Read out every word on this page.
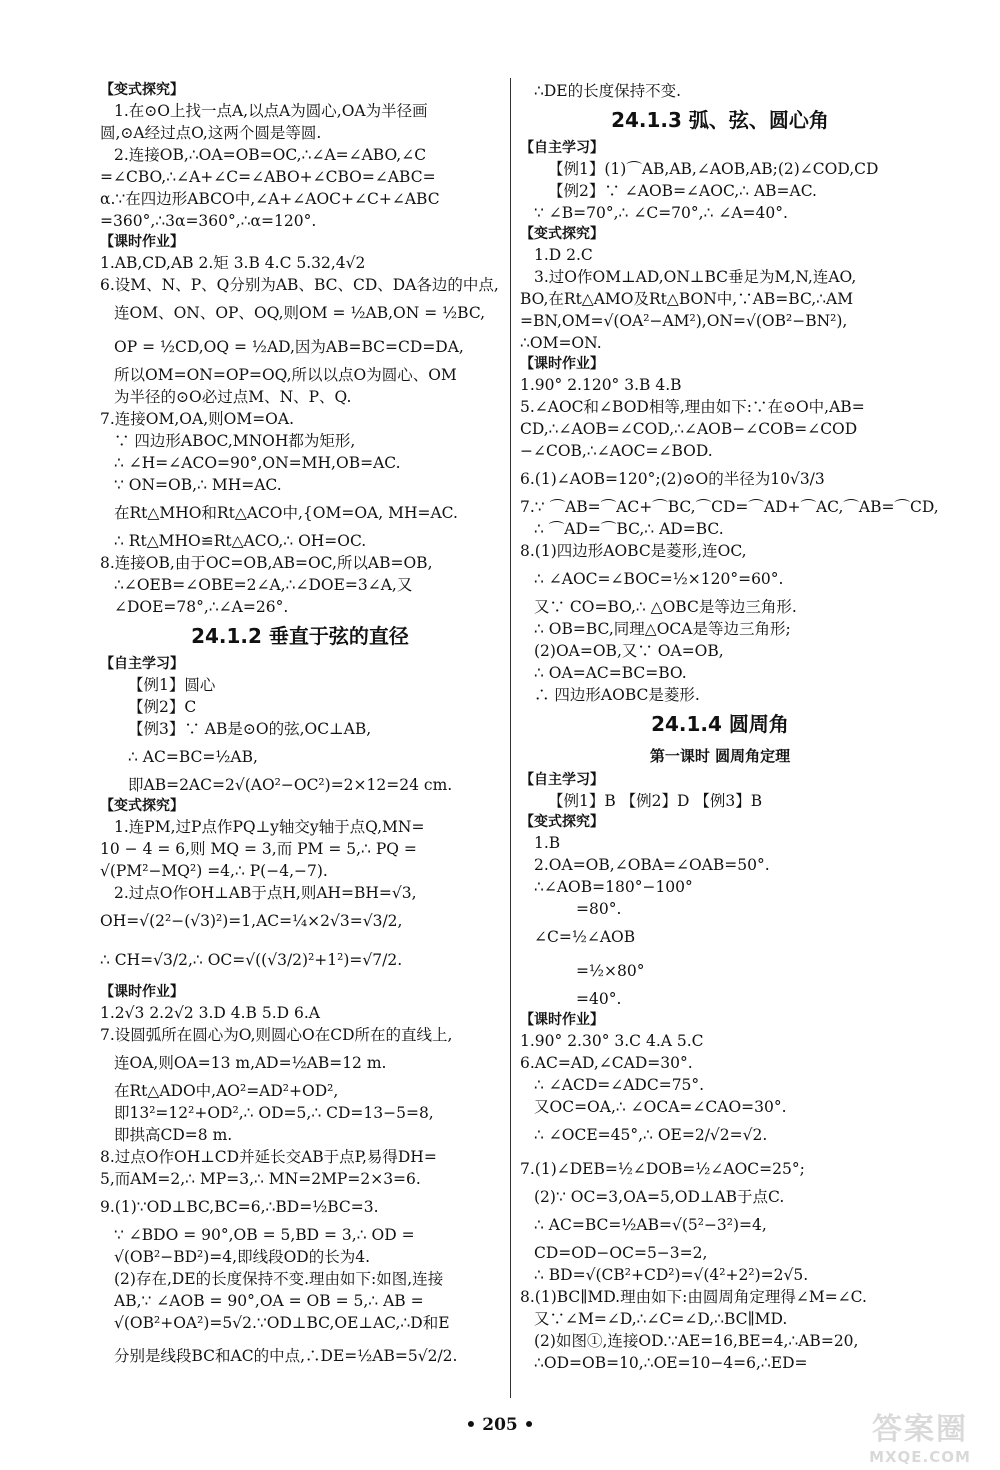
【变式探究】
1.在⊙O上找一点A,以点A为圆心,OA为半径画
圆,⊙A经过点O,这两个圆是等圆.
2.连接OB,∴OA=OB=OC,∴∠A=∠ABO,∠C
=∠CBO,∴∠A+∠C=∠ABO+∠CBO=∠ABC=
α.∵在四边形ABCO中,∠A+∠AOC+∠C+∠ABC
=360°,∴3α=360°,∴α=120°.
【课时作业】
1.AB,CD,AB 2.矩 3.B 4.C 5.32,4√2
6.设M、N、P、Q分别为AB、BC、CD、DA各边的中点,
连OM、ON、OP、OQ,则OM = ½AB,ON = ½BC,
OP = ½CD,OQ = ½AD,因为AB=BC=CD=DA,
所以OM=ON=OP=OQ,所以以点O为圆心、OM
为半径的⊙O必过点M、N、P、Q.
7.连接OM,OA,则OM=OA.
∵ 四边形ABOC,MNOH都为矩形,
∴ ∠H=∠ACO=90°,ON=MH,OB=AC.
∵ ON=OB,∴ MH=AC.
在Rt△MHO和Rt△ACO中,{OM=OA, MH=AC.
∴ Rt△MHO≌Rt△ACO,∴ OH=OC.
8.连接OB,由于OC=OB,AB=OC,所以AB=OB,
∴∠OEB=∠OBE=2∠A,∴∠DOE=3∠A,又
∠DOE=78°,∴∠A=26°.
24.1.2 垂直于弦的直径
【自主学习】
【例1】圆心
【例2】C
【例3】∵ AB是⊙O的弦,OC⊥AB,
∴ AC=BC=½AB,
即AB=2AC=2√(AO²−OC²)=2×12=24 cm.
【变式探究】
1.连PM,过P点作PQ⊥y轴交y轴于点Q,MN=
10 − 4 = 6,则 MQ = 3,而 PM = 5,∴ PQ =
√(PM²−MQ²) =4,∴ P(−4,−7).
2.过点O作OH⊥AB于点H,则AH=BH=√3,
OH=√(2²−(√3)²)=1,AC=¼×2√3=√3/2,
∴ CH=√3/2,∴ OC=√((√3/2)²+1²)=√7/2.
【课时作业】
1.2√3 2.2√2 3.D 4.B 5.D 6.A
7.设圆弧所在圆心为O,则圆心O在CD所在的直线上,
连OA,则OA=13 m,AD=½AB=12 m.
在Rt△ADO中,AO²=AD²+OD²,
即13²=12²+OD²,∴ OD=5,∴ CD=13−5=8,
即拱高CD=8 m.
8.过点O作OH⊥CD并延长交AB于点P,易得DH=
5,而AM=2,∴ MP=3,∴ MN=2MP=2×3=6.
9.(1)∵OD⊥BC,BC=6,∴BD=½BC=3.
∵ ∠BDO = 90°,OB = 5,BD = 3,∴ OD =
√(OB²−BD²)=4,即线段OD的长为4.
(2)存在,DE的长度保持不变.理由如下:如图,连接
AB,∵ ∠AOB = 90°,OA = OB = 5,∴ AB =
√(OB²+OA²)=5√2.∵OD⊥BC,OE⊥AC,∴D和E
分别是线段BC和AC的中点,∴DE=½AB=5√2/2.
∴DE的长度保持不变.
24.1.3 弧、弦、圆心角
【自主学习】
【例1】(1)⌒AB,AB,∠AOB,AB;(2)∠COD,CD
【例2】∵ ∠AOB=∠AOC,∴ AB=AC.
∵ ∠B=70°,∴ ∠C=70°,∴ ∠A=40°.
【变式探究】
1.D 2.C
3.过O作OM⊥AD,ON⊥BC垂足为M,N,连AO,
BO,在Rt△AMO及Rt△BON中,∵AB=BC,∴AM
=BN,OM=√(OA²−AM²),ON=√(OB²−BN²),
∴OM=ON.
【课时作业】
1.90° 2.120° 3.B 4.B
5.∠AOC和∠BOD相等,理由如下:∵在⊙O中,AB=
CD,∴∠AOB=∠COD,∴∠AOB−∠COB=∠COD
−∠COB,∴∠AOC=∠BOD.
6.(1)∠AOB=120°;(2)⊙O的半径为10√3/3
7.∵ ⌒AB=⌒AC+⌒BC,⌒CD=⌒AD+⌒AC,⌒AB=⌒CD,
∴ ⌒AD=⌒BC,∴ AD=BC.
8.(1)四边形AOBC是菱形,连OC,
∴ ∠AOC=∠BOC=½×120°=60°.
又∵ CO=BO,∴ △OBC是等边三角形.
∴ OB=BC,同理△OCA是等边三角形;
(2)OA=OB,又∵ OA=OB,
∴ OA=AC=BC=BO.
∴ 四边形AOBC是菱形.
24.1.4 圆周角
第一课时 圆周角定理
【自主学习】
【例1】B 【例2】D 【例3】B
【变式探究】
1.B
2.OA=OB,∠OBA=∠OAB=50°.
∴∠AOB=180°−100°
=80°.
∠C=½∠AOB
=½×80°
=40°.
【课时作业】
1.90° 2.30° 3.C 4.A 5.C
6.AC=AD,∠CAD=30°.
∴ ∠ACD=∠ADC=75°.
又OC=OA,∴ ∠OCA=∠CAO=30°.
∴ ∠OCE=45°,∴ OE=2/√2=√2.
7.(1)∠DEB=½∠DOB=½∠AOC=25°;
(2)∵ OC=3,OA=5,OD⊥AB于点C.
∴ AC=BC=½AB=√(5²−3²)=4,
CD=OD−OC=5−3=2,
∴ BD=√(CB²+CD²)=√(4²+2²)=2√5.
8.(1)BC∥MD.理由如下:由圆周角定理得∠M=∠C.
又∵∠M=∠D,∴∠C=∠D,∴BC∥MD.
(2)如图①,连接OD.∵AE=16,BE=4,∴AB=20,
∴OD=OB=10,∴OE=10−4=6,∴ED=
• 205 •	答案圈
MXQE.COM
